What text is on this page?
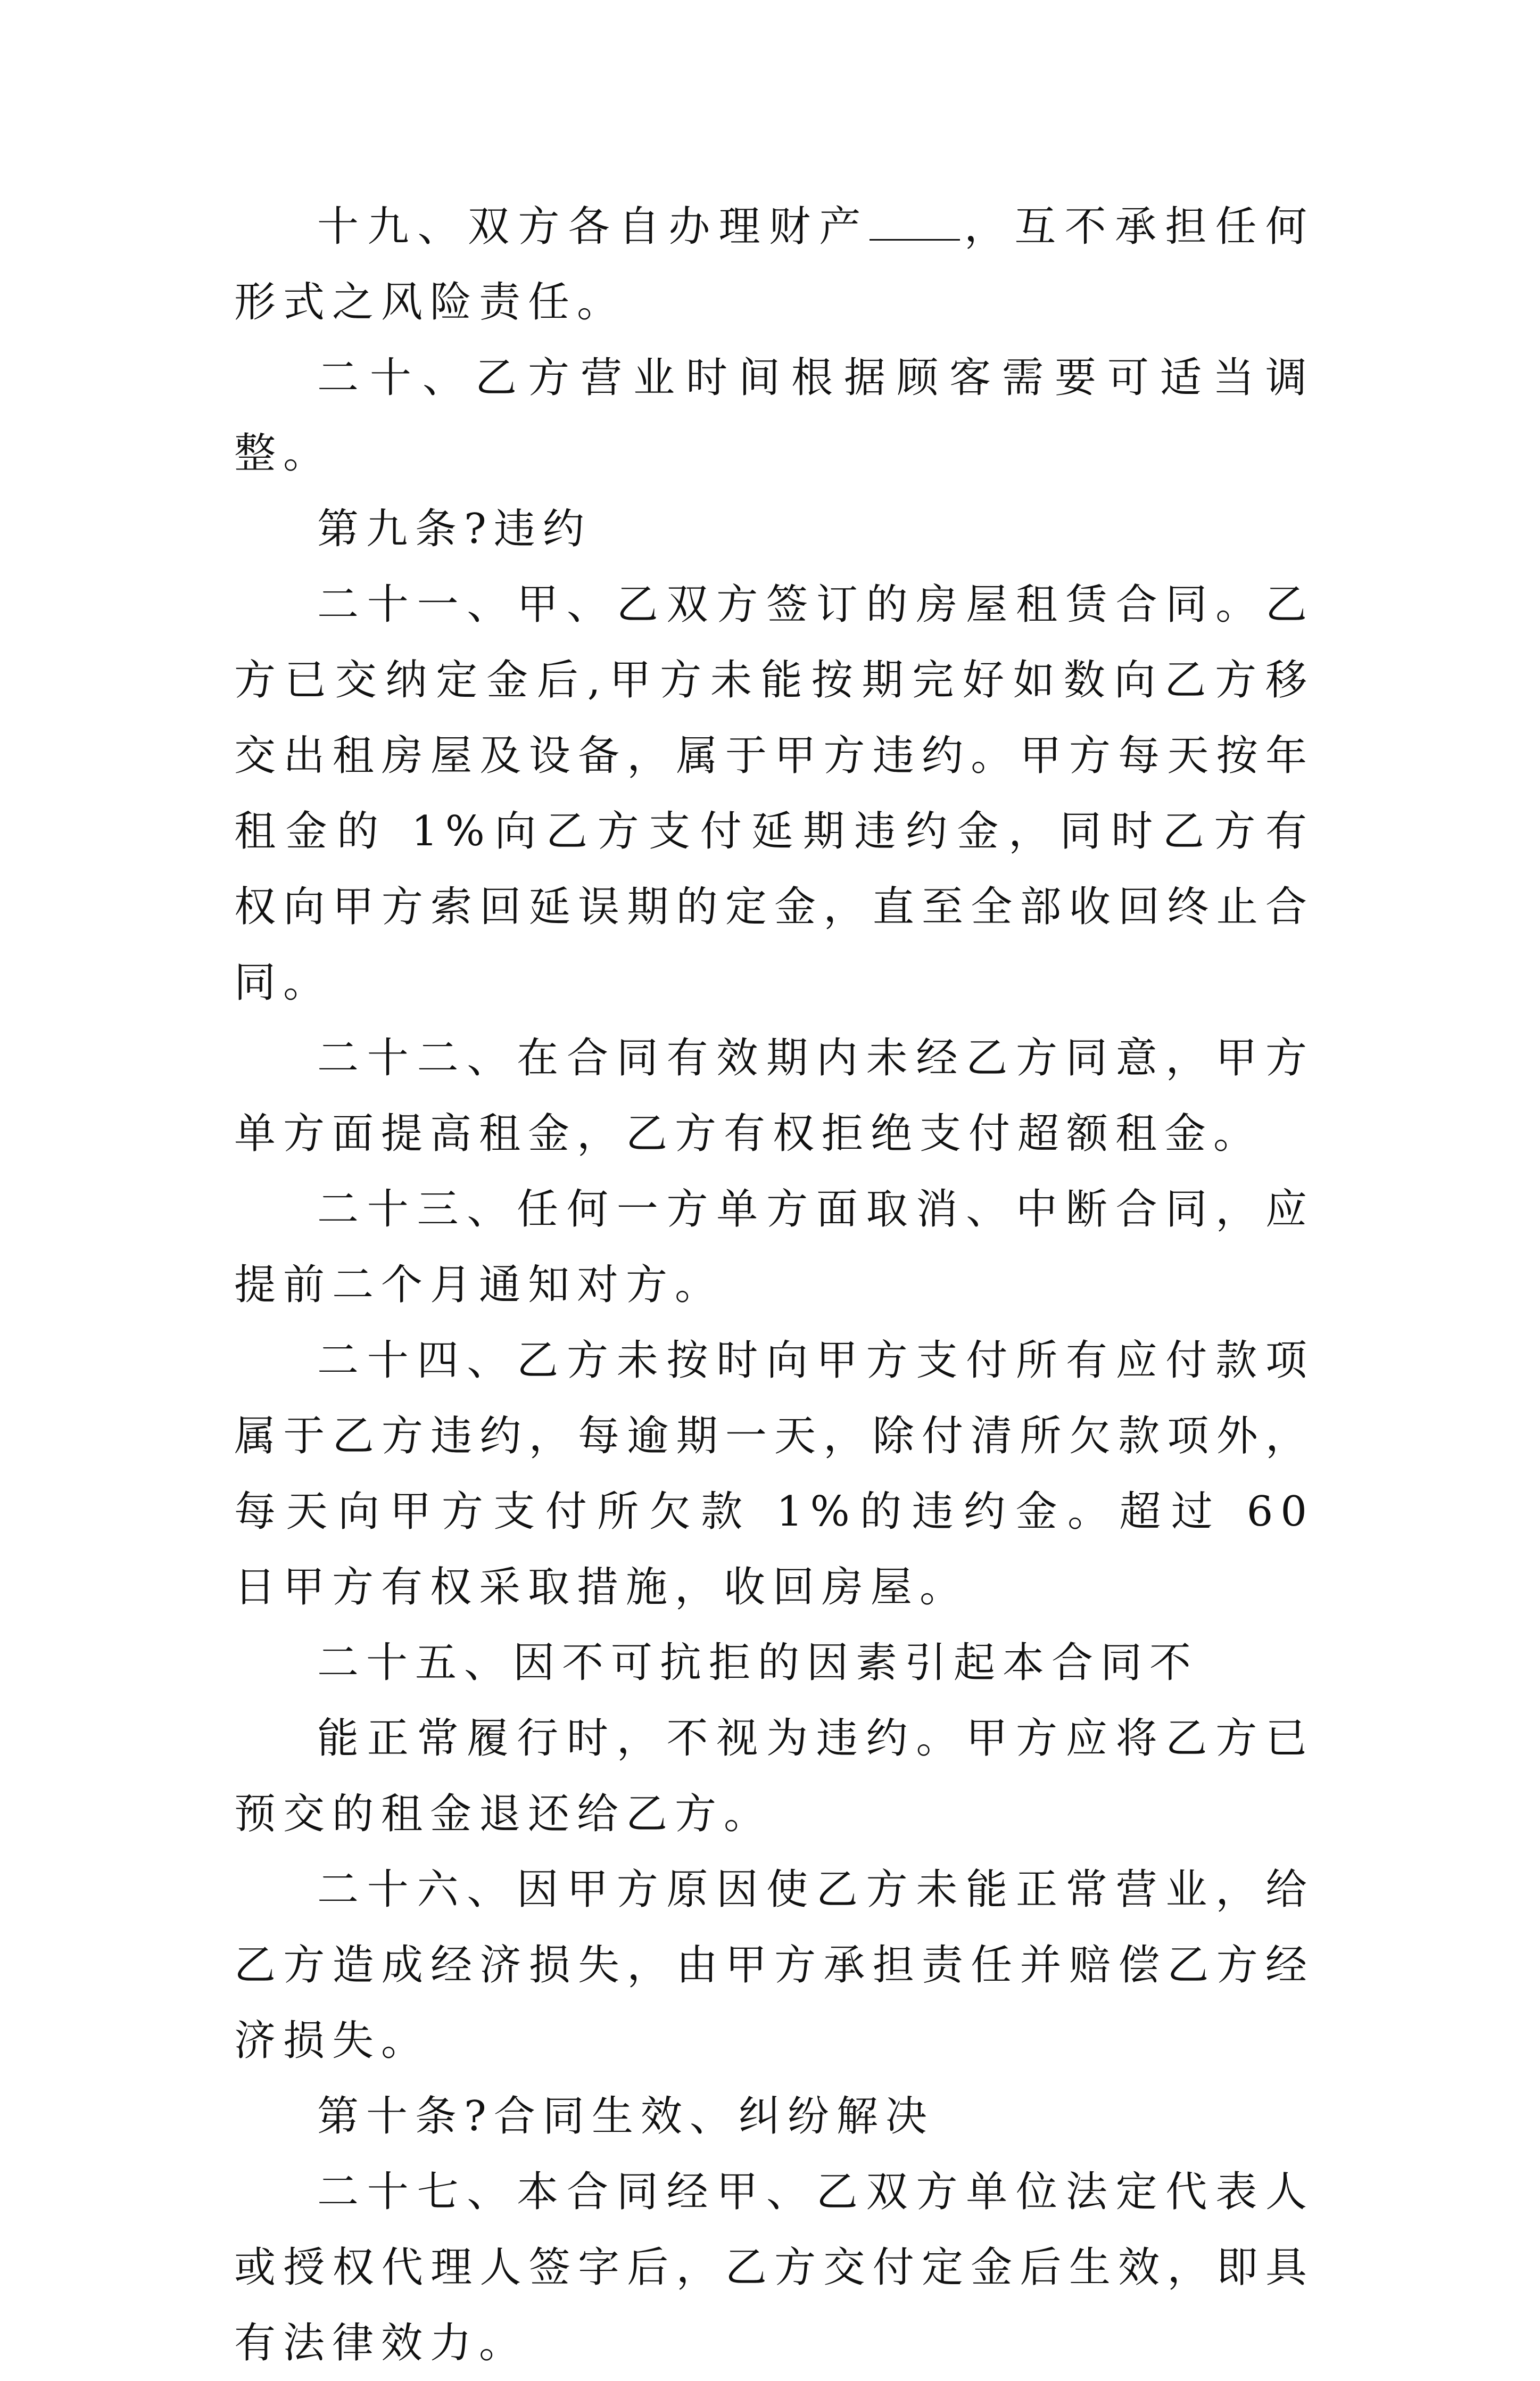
十九、双方各自办理财产 ，互不承担任何形式之风险责任。

二十、乙方营业时间根据顾客需要可适当调整。

第九条?违约

二十一、甲、乙双方签订的房屋租赁合同。乙方已交纳定金后,甲方未能按期完好如数向乙方移交出租房屋及设备，属于甲方违约。甲方每天按年租金的 1%向乙方支付延期违约金，同时乙方有权向甲方索回延误期的定金，直至全部收回终止合同。

二十二、在合同有效期内未经乙方同意，甲方单方面提高租金，乙方有权拒绝支付超额租金。

二十三、任何一方单方面取消、中断合同，应提前二个月通知对方。

二十四、乙方未按时向甲方支付所有应付款项属于乙方违约，每逾期一天，除付清所欠款项外，每天向甲方支付所欠款 1%的违约金。超过 60 日甲方有权采取措施，收回房屋。

二十五、因不可抗拒的因素引起本合同不

能正常履行时，不视为违约。甲方应将乙方已预交的租金退还给乙方。

二十六、因甲方原因使乙方未能正常营业，给乙方造成经济损失，由甲方承担责任并赔偿乙方经济损失。

第十条?合同生效、纠纷解决

二十七、本合同经甲、乙双方单位法定代表人或授权代理人签字后，乙方交付定金后生效，即具有法律效力。
